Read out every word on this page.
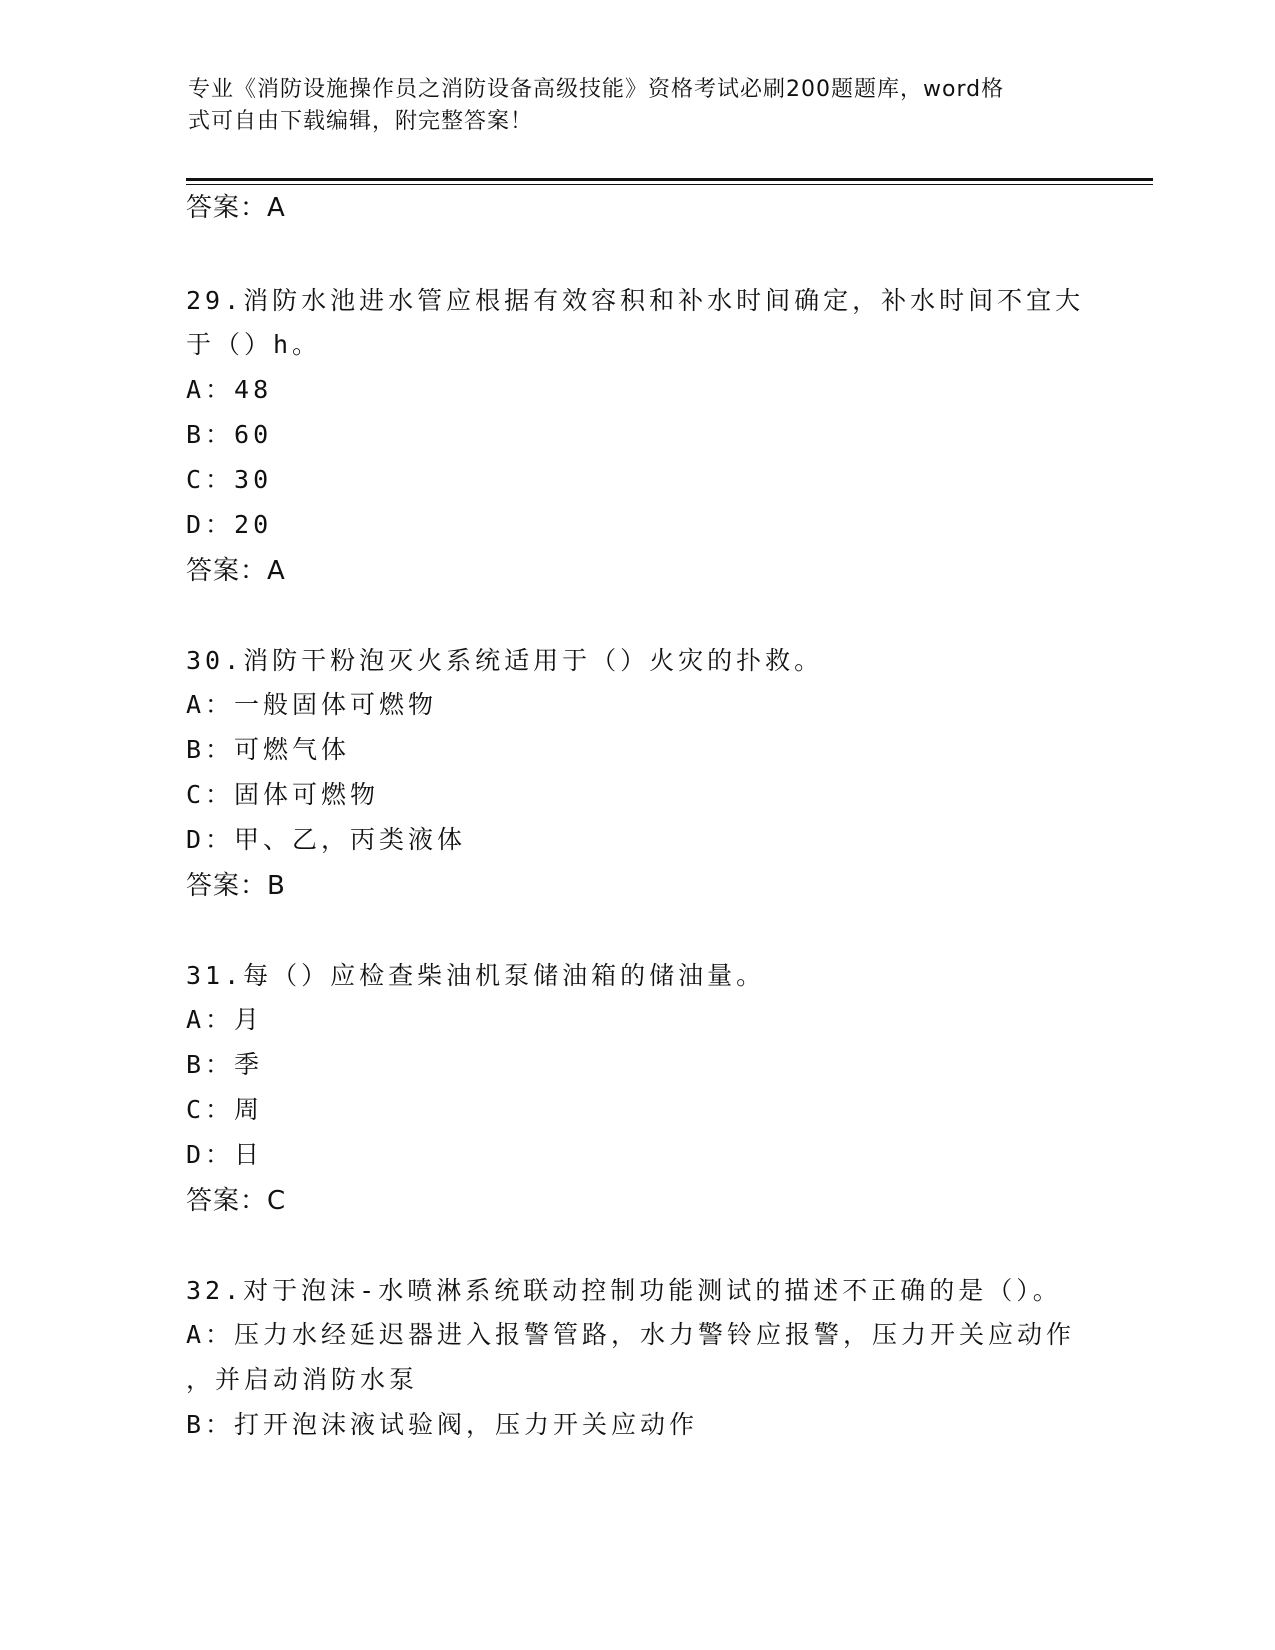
专业《消防设施操作员之消防设备高级技能》资格考试必刷200题题库，word格
式可自由下载编辑，附完整答案！
答案：A
29.消防水池进水管应根据有效容积和补水时间确定，补水时间不宜大
于（）h。
A：48
B：60
C：30
D：20
答案：A
30.消防干粉泡灭火系统适用于（）火灾的扑救。
A：一般固体可燃物
B：可燃气体
C：固体可燃物
D：甲、乙，丙类液体
答案：B
31.每（）应检查柴油机泵储油箱的储油量。
A：月
B：季
C：周
D：日
答案：C
32.对于泡沫-水喷淋系统联动控制功能测试的描述不正确的是（）。
A：压力水经延迟器进入报警管路，水力警铃应报警，压力开关应动作
，并启动消防水泵
B：打开泡沫液试验阀，压力开关应动作
